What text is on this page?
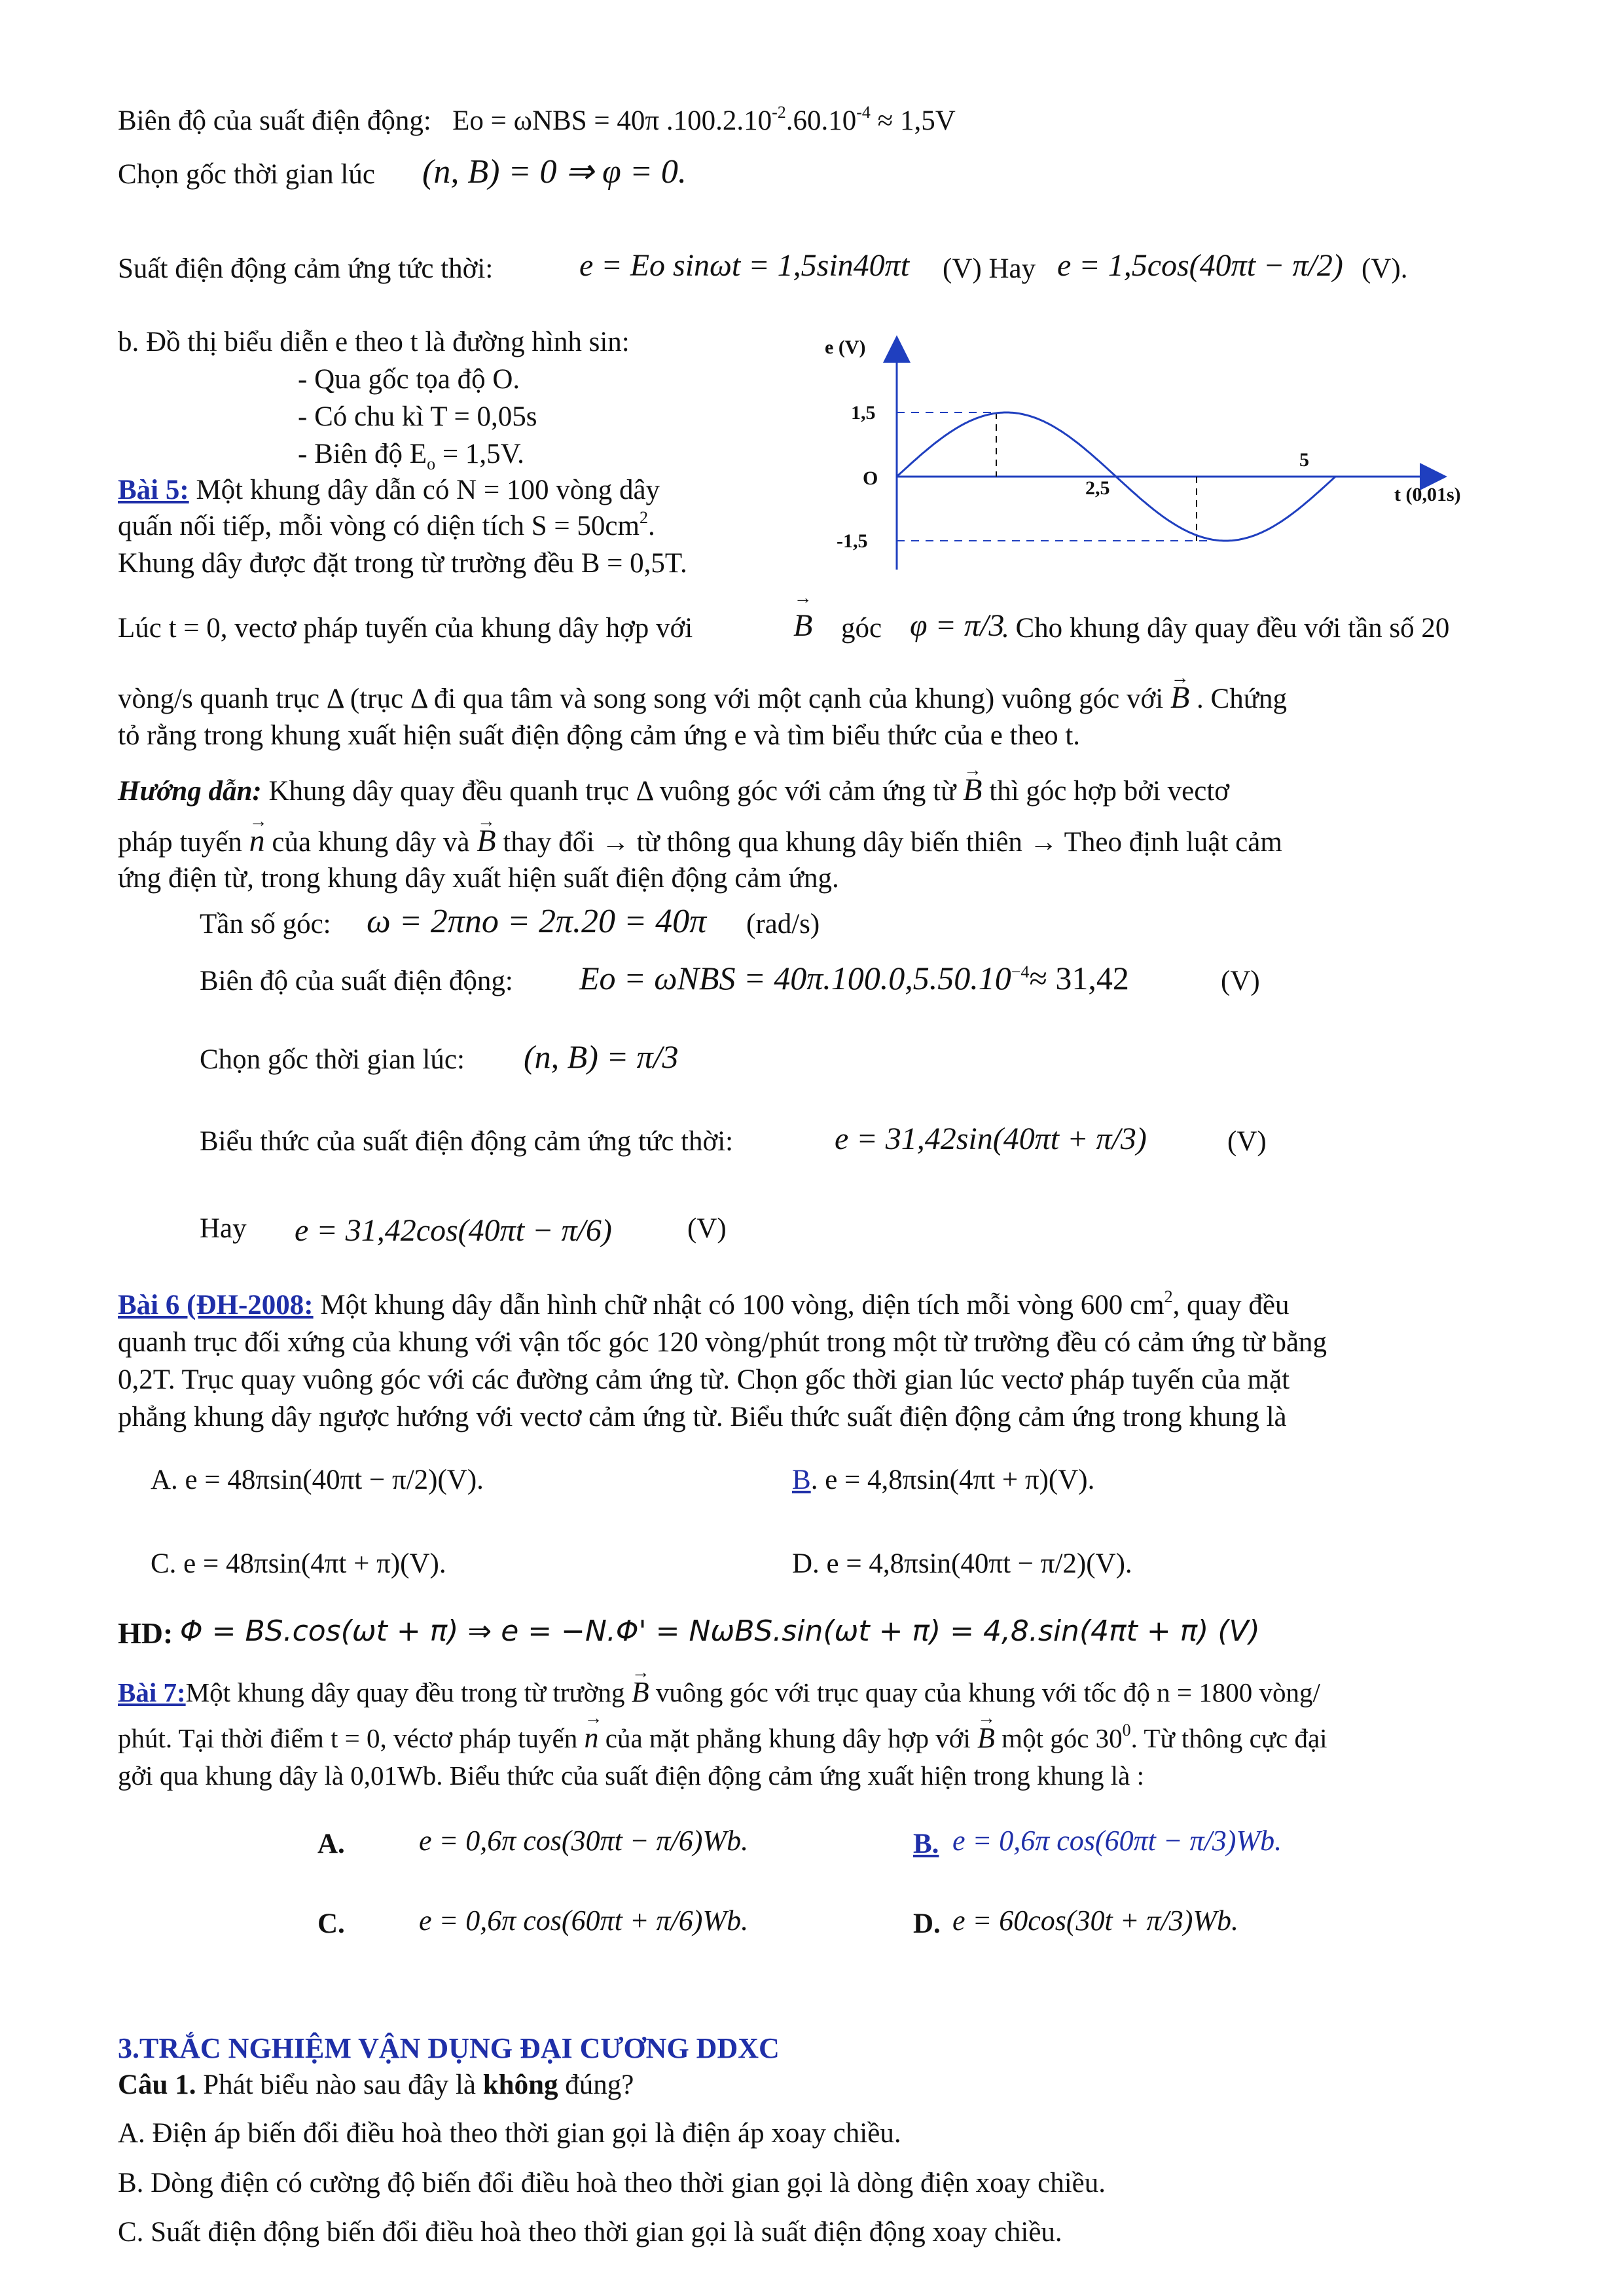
Biên độ của suất điện động: Eo = ωNBS = 40π $.100.2.10^{-2}.60.10^{-4} \approx 1,5V$
Chọn gốc thời gian lúc (n, B) = 0 ⇒ φ = 0.
Suất điện động cảm ứng tức thời:	e = Eo sinωt = 1,5sin40πt (V) Hay e = 1,5cos(40πt − π/2) (V).
b. Đồ thị biểu diễn e theo t là đường hình sin:
- Qua gốc tọa độ O.
- Có chu kì T = 0,05s
- Biên độ $E_o = 1,5V$.
e (V)
1,5
O
-1,5
2,5
5
t (0,01s)
Bài 5: Một khung dây dẫn có N = 100 vòng dây
quấn nối tiếp, mỗi vòng có diện tích $S = 50cm^2$.
Khung dây được đặt trong từ trường đều B = 0,5T.
Lúc t = 0, vectơ pháp tuyến của khung dây hợp với	→ B góc φ = π/3
. Cho khung dây quay đều với tần số 20
vòng/s quanh trục Δ (trục Δ đi qua tâm và song song với một cạnh của khung) vuông góc với → B . Chứng
tỏ rằng trong khung xuất hiện suất điện động cảm ứng e và tìm biểu thức của e theo t.
Hướng dẫn: Khung dây quay đều quanh trục Δ vuông góc với cảm ứng từ → B thì góc hợp bởi vectơ
pháp tuyến → n của khung dây và → B thay đổi → từ thông qua khung dây biến thiên → Theo định luật cảm
ứng điện từ, trong khung dây xuất hiện suất điện động cảm ứng.
Tần số góc: ω = 2πno = 2π.20 = 40π (rad/s)
Biên độ của suất điện động: $Eo = \omega NBS = 40\pi.100.0,5.50.10^{-4}\approx 31,42$	(V)
Chọn gốc thời gian lúc: (n, B) = π/3
Biểu thức của suất điện động cảm ứng tức thời:	e = 31,42sin(40πt + π/3)	(V)
Hay e = 31,42cos(40πt − π/6)	(V)
Bài 6 (ĐH-2008: Một khung dây dẫn hình chữ nhật có 100 vòng, diện tích mỗi vòng 600 $cm^2$, quay đều
quanh trục đối xứng của khung với vận tốc góc 120 vòng/phút trong một từ trường đều có cảm ứng từ bằng
0,2T. Trục quay vuông góc với các đường cảm ứng từ. Chọn gốc thời gian lúc vectơ pháp tuyến của mặt
phẳng khung dây ngược hướng với vectơ cảm ứng từ. Biểu thức suất điện động cảm ứng trong khung là
A. e = 48πsin(40πt − π/2)(V).	B. e = 4,8πsin(4πt + π)(V).
C. e = 48πsin(4πt + π)(V).	D. e = 4,8πsin(40πt − π/2)(V).
HD: Φ = BS.cos(ωt + π) ⇒ e = −N.Φ' = NωBS.sin(ωt + π) = 4,8.sin(4πt + π) (V)
Bài 7:Một khung dây quay đều trong từ trường → B vuông góc với trục quay của khung với tốc độ n = 1800 vòng/
phút. Tại thời điểm t = 0, véctơ pháp tuyến → n của mặt phẳng khung dây hợp với → B một góc $30^0$. Từ thông cực đại
gởi qua khung dây là 0,01Wb. Biểu thức của suất điện động cảm ứng xuất hiện trong khung là :
A.	e = 0,6π cos(30πt − π/6)Wb.	B. e = 0,6π cos(60πt − π/3)Wb.
C.	e = 0,6π cos(60πt + π/6)Wb.	D. e = 60cos(30t + π/3)Wb.
3.TRẮC NGHIỆM VẬN DỤNG ĐẠI CƯƠNG DDXC
Câu 1. Phát biểu nào sau đây là không đúng?
A. Điện áp biến đổi điều hoà theo thời gian gọi là điện áp xoay chiều.
B. Dòng điện có cường độ biến đổi điều hoà theo thời gian gọi là dòng điện xoay chiều.
C. Suất điện động biến đổi điều hoà theo thời gian gọi là suất điện động xoay chiều.
